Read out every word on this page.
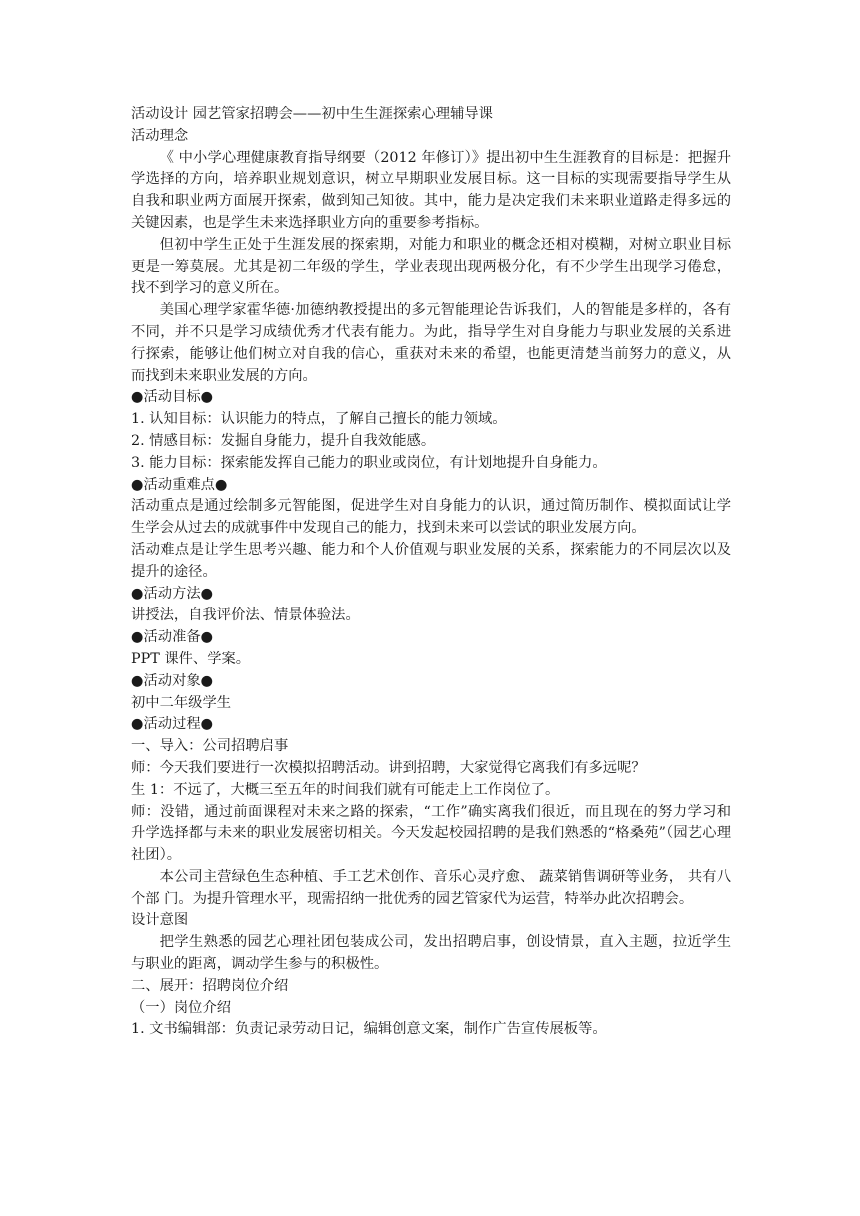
活动设计 园艺管家招聘会——初中生生涯探索心理辅导课
活动理念
《 中小学心理健康教育指导纲要（2012 年修订）》提出初中生生涯教育的目标是：把握升学选择的方向，培养职业规划意识，树立早期职业发展目标。这一目标的实现需要指导学生从自我和职业两方面展开探索，做到知己知彼。其中，能力是决定我们未来职业道路走得多远的关键因素，也是学生未来选择职业方向的重要参考指标。
但初中学生正处于生涯发展的探索期，对能力和职业的概念还相对模糊，对树立职业目标更是一筹莫展。尤其是初二年级的学生，学业表现出现两极分化，有不少学生出现学习倦怠，找不到学习的意义所在。
美国心理学家霍华德·加德纳教授提出的多元智能理论告诉我们，人的智能是多样的，各有不同，并不只是学习成绩优秀才代表有能力。为此，指导学生对自身能力与职业发展的关系进行探索，能够让他们树立对自我的信心，重获对未来的希望，也能更清楚当前努力的意义，从而找到未来职业发展的方向。
●活动目标●
1. 认知目标：认识能力的特点，了解自己擅长的能力领域。
2. 情感目标：发掘自身能力，提升自我效能感。
3. 能力目标：探索能发挥自己能力的职业或岗位，有计划地提升自身能力。
●活动重难点●
活动重点是通过绘制多元智能图，促进学生对自身能力的认识，通过简历制作、模拟面试让学生学会从过去的成就事件中发现自己的能力，找到未来可以尝试的职业发展方向。
活动难点是让学生思考兴趣、能力和个人价值观与职业发展的关系，探索能力的不同层次以及提升的途径。
●活动方法●
讲授法，自我评价法、情景体验法。
●活动准备●
PPT 课件、学案。
●活动对象●
初中二年级学生
●活动过程●
一、导入：公司招聘启事
师：今天我们要进行一次模拟招聘活动。讲到招聘，大家觉得它离我们有多远呢？
生 1：不远了，大概三至五年的时间我们就有可能走上工作岗位了。
师：没错，通过前面课程对未来之路的探索，“工作”确实离我们很近，而且现在的努力学习和升学选择都与未来的职业发展密切相关。今天发起校园招聘的是我们熟悉的“格桑苑”（园艺心理社团）。
本公司主营绿色生态种植、手工艺术创作、音乐心灵疗愈、 蔬菜销售调研等业务， 共有八个部 门。为提升管理水平，现需招纳一批优秀的园艺管家代为运营，特举办此次招聘会。
设计意图
把学生熟悉的园艺心理社团包装成公司，发出招聘启事，创设情景，直入主题，拉近学生与职业的距离，调动学生参与的积极性。
二、展开：招聘岗位介绍
（一）岗位介绍
1. 文书编辑部：负责记录劳动日记，编辑创意文案，制作广告宣传展板等。
